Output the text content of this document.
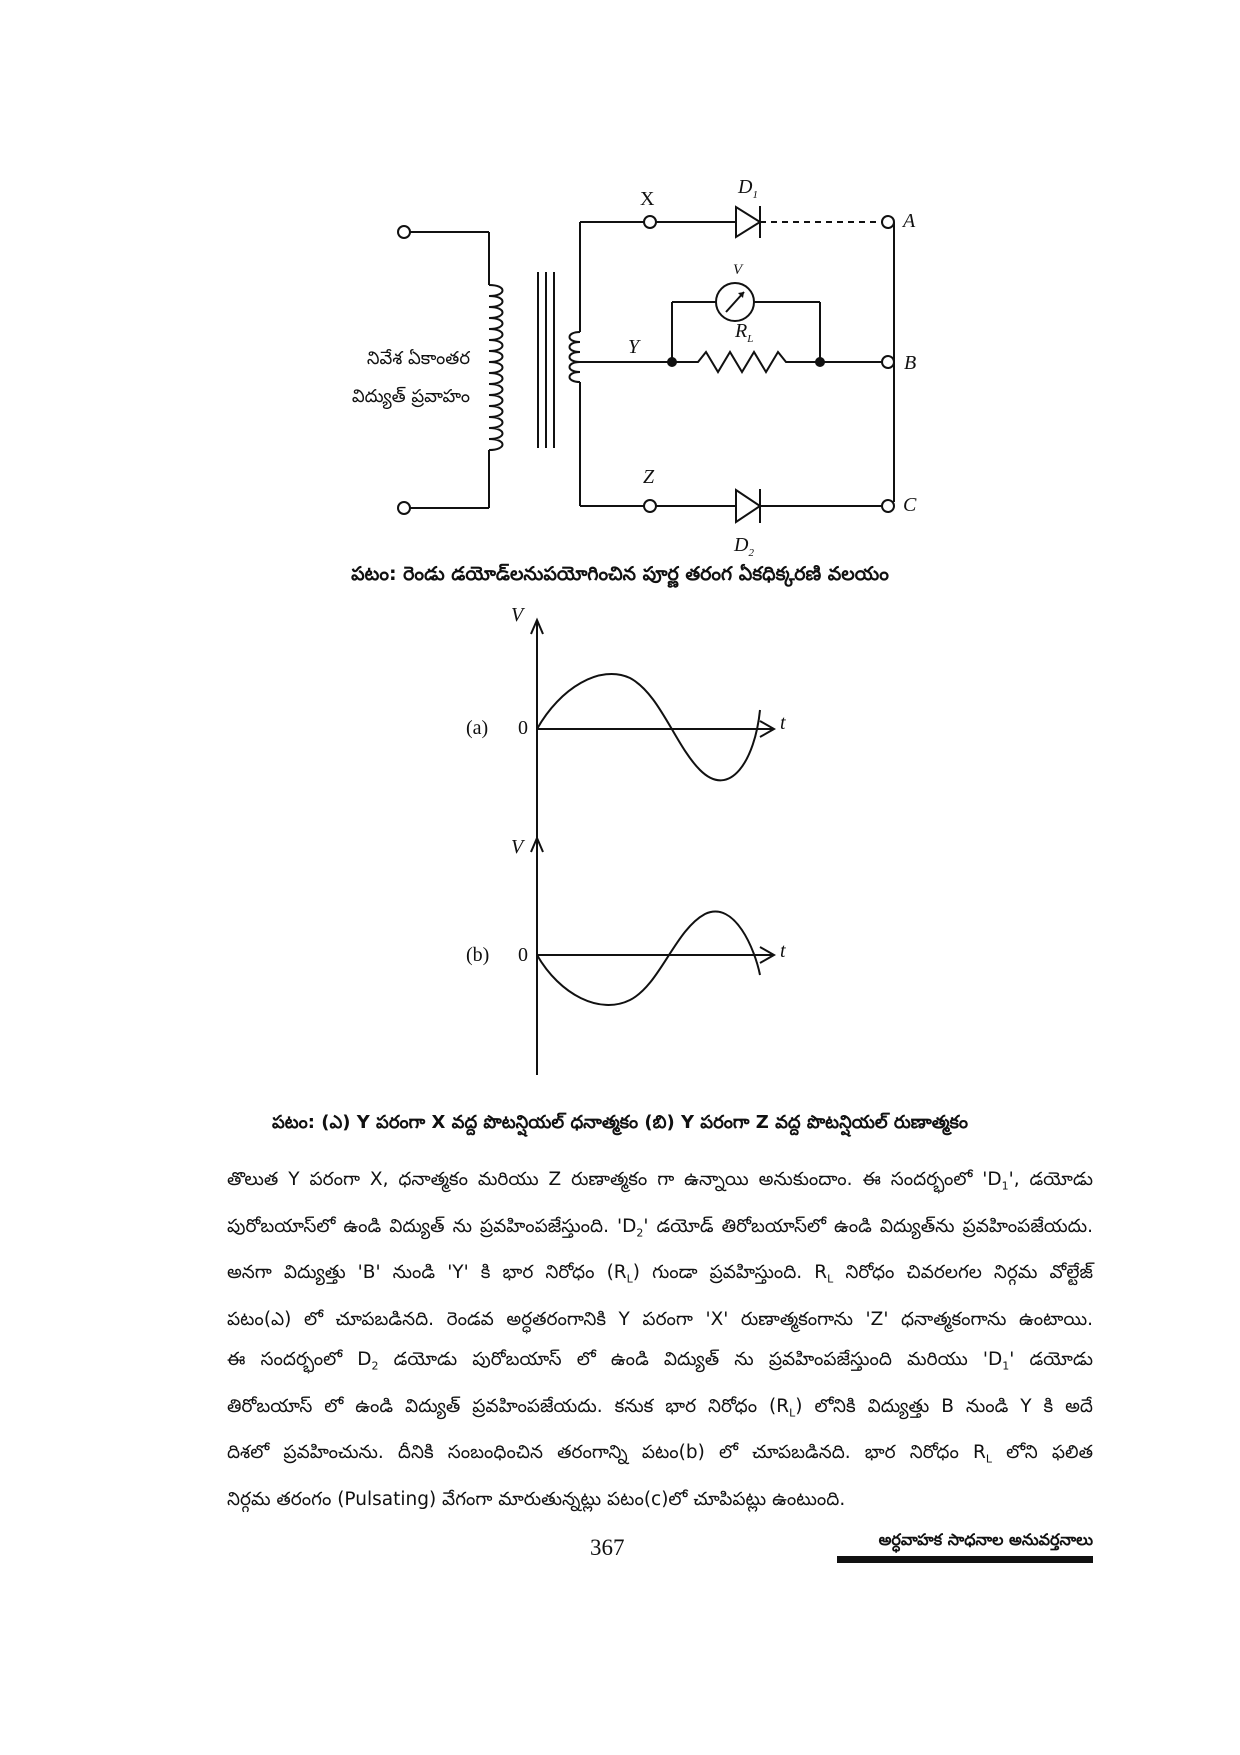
నివేశ ఏకాంతర
విద్యుత్ ప్రవాహం
X
Y
Z
A
B
C
$D_1$
$D_2$
V
$R_L$
పటం: రెండు డయోడ్‌లనుపయోగించిన పూర్ణ తరంగ ఏకధిక్కరణి వలయం
V
t
(a) 0
V
t
(b) 0
పటం: (ఎ) Y పరంగా X వద్ద పొటన్షియల్ ధనాత్మకం (బి) Y పరంగా Z వద్ద పొటన్షియల్ రుణాత్మకం
తొలుత Y పరంగా X, ధనాత్మకం మరియు Z రుణాత్మకం గా ఉన్నాయి అనుకుందాం. ఈ సందర్భంలో '$D_1$', డయోడు
పురోబయాస్‌లో ఉండి విద్యుత్ ను ప్రవహింపజేస్తుంది. '$D_2$' డయోడ్ తిరోబయాస్‌లో ఉండి విద్యుత్‌ను ప్రవహింపజేయదు.
అనగా విద్యుత్తు 'B' నుండి 'Y' కి భార నిరోధం $(R_L)$ గుండా ప్రవహిస్తుంది. $R_L$ నిరోధం చివరలగల నిర్గమ వోల్టేజ్
పటం(ఎ) లో చూపబడినది. రెండవ అర్ధతరంగానికి Y పరంగా 'X' రుణాత్మకంగాను 'Z' ధనాత్మకంగాను ఉంటాయి.
ఈ సందర్భంలో $D_2$ డయోడు పురోబయాస్ లో ఉండి విద్యుత్ ను ప్రవహింపజేస్తుంది మరియు '$D_1$' డయోడు
తిరోబయాస్ లో ఉండి విద్యుత్ ప్రవహింపజేయదు. కనుక భార నిరోధం $(R_L)$ లోనికి విద్యుత్తు B నుండి Y కి అదే
దిశలో ప్రవహించును. దీనికి సంబంధించిన తరంగాన్ని పటం(b) లో చూపబడినది. భార నిరోధం $R_L$ లోని ఫలిత
నిర్గమ తరంగం (Pulsating) వేగంగా మారుతున్నట్లు పటం(c)లో చూపిపట్లు ఉంటుంది.
367	అర్ధవాహక సాధనాల అనువర్తనాలు
